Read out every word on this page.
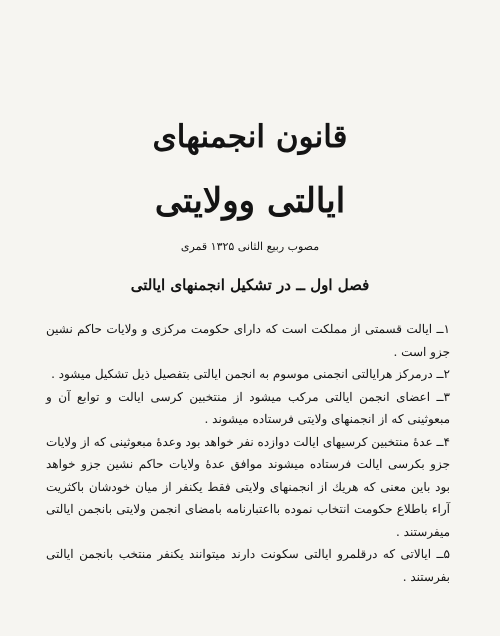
قانون انجمنهای
ایالتی وولایتی

مصوب ربیع الثانی ۱۳۲۵ قمری

فصل اول ــ در تشکیل انجمنهای ایالتی

۱ــ ایالت قسمتی از مملکت است که دارای حکومت مرکزی و ولایات حاکم نشین جزو است .

۲ــ درمرکز هرایالتی انجمنی موسوم به انجمن ایالتی بتفصیل ذیل تشکیل میشود .

۳ــ اعضای انجمن ایالتی مرکب میشود از منتخبین کرسی ایالت و توابع آن و مبعوثینی که از انجمنهای ولایتی فرستاده میشوند .

۴ــ عدهٔ منتخبین کرسیهای ایالت دوازده نفر خواهد بود وعدهٔ مبعوثینی که از ولایات جزو بکرسی ایالت فرستاده میشوند موافق عدهٔ ولایات حاکم نشین جزو خواهد بود باین معنی که هریك از انجمنهای ولایتی فقط یکنفر از میان خودشان باکثریت آراء باطلاع حکومت انتخاب نموده بااعتبارنامه بامضای انجمن ولایتی بانجمن ایالتی میفرستند .

۵ــ ایالاتی که درقلمرو ایالتی سکونت دارند میتوانند یکنفر منتخب بانجمن ایالتی بفرستند .
